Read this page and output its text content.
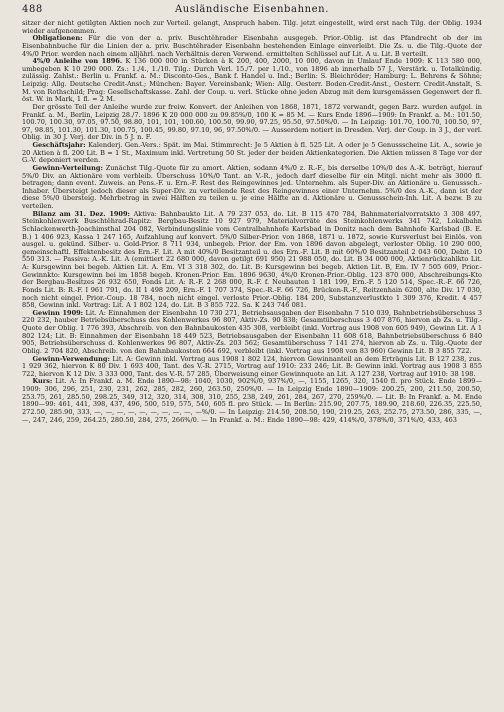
488	Ausländische Eisenbahnen.

sitzer der nicht getilgten Aktien noch zur Verteil. gelangt, Anspruch haben. Tilg. jetzt eingestellt, wird erst nach Tilg. der Oblig. 1934 wieder aufgenommen.

Obligationen: Für die von der a. priv. Buschtěhrader Eisenbahn ausgegeb. Prior.-Oblig. ist das Pfandrecht ob der im Eisenbahnbuche für die Linien der a. priv. Buschtěhrader Eisenbahn bestehenden Einlage einverleibt. Die Zs. u. die Tilg.-Quote der 4%/0 Prior. werden nach einem alljährl. nach Verhältnis deren Verwend. ermittelten Schlüssel auf Lit. A u. Lit. B verteilt.

4%/0 Anleihe von 1896. K 136 000 000 in Stücken à K 200, 400, 2000, 10 000, davon in Umlauf Ende 1909: K 113 580 000, umbegeben K 10 290 000. Zs.: 1./4., 1./10. Tilg.: Durch Verl. 15./7. per 1./10., von 1896 ab innerhalb 57 J., Verstärk. u. Totalkündig. zulässig. Zahlst.: Berlin u. Frankf. a. M.: Disconto-Ges., Bank f. Handel u. Ind.; Berlin: S. Bleichröder; Hamburg: L. Behrens & Söhne; Leipzig: Allg. Deutsche Credit-Anst.; München: Bayer. Vereinsbank; Wien: Allg. Oesterr. Boden-Credit-Anst., Oesterr. Credit-Anstalt, S. M. von Rothschild; Prag: Gesellschaftskasse. Zahl. der Coup. u. verl. Stücke ohne jeden Abzug mit dem kursgemässen Gegenwert der fl. öst. W. in Mark, 1 fl. = 2 M.

Der grösste Teil der Anleihe wurde zur freiw. Konvert. der Anleihen von 1868, 1871, 1872 verwandt, gegen Barz. wurden aufgel. in Frankf. a. M., Berlin, Leipzig 28./7. 1896 K 20 000 000 zu 99.85%/0, 100 K = 85 M. — Kurs Ende 1896—1909: In Frankf. a. M.: 101.50, 100.70, 100.30, 97.05, 97.50, 98.80, 101, 101, 100.60, 100.50, 99.90, 97.25, 95.50, 97.50%/0. — In Leipzig: 101.70, 100.70, 100.50, 97, 97, 98.85, 101.30, 101.30, 100.75, 100.45, 99.80, 97.10, 96, 97.50%/0. — Ausserdem notiert in Dresden. Verj. der Coup. in 3 J., der verl. Oblig. in 30 J. Verj. der Div. in 5 J. n. F.

Geschäftsjahr: Kalenderj. Gen.-Vers.: Spät. im Mai. Stimmrecht: Je 5 Aktien à fl. 525 Lit. A oder je 5 Genussscheine Lit. A., sowie je 20 Aktien à fl. 200 Lit. B = 1 St., Maximum inkl. Vertretung 50 St. jeder der beiden Aktienkategorien. Die Aktien müssen 8 Tage vor der G.-V. deponiert werden.

Gewinn-Verteilung: Zunächst Tilg.-Quote für zu amort. Aktien, sodann 4%/0 z. R.-F., bis derselbe 10%/0 des A.-K. beträgt, hierauf 5%/0 Div. an Aktionäre vom verbleib. Überschuss 10%/0 Tant. an V.-R., jedoch darf dieselbe für ein Mitgl. nicht mehr als 3000 fl. betragen; dann event. Zuweis. an Pens.-F. u. Ern.-F. Rest des Reingewinnes jed. Unternehm. als Super-Div. an Aktionäre u. Genusssch.-Inhaber. Übersteigt jedoch dieser als Super-Div. zu verteilende Rest des Reingewinnes einer Unternehm. 5%/0 des A.-K., dann ist der diese 5%/0 übersteig. Mehrbetrag in zwei Hälften zu teilen u. je eine Hälfte an d. Aktionäre u. Genussschein-Inh. Lit. A bezw. B zu verteilen.

Bilanz am 31. Dez. 1909: Aktiva: Bahnbaukto Lit. A 79 237 053, do. Lit. B 115 470 784, Bahnmaterialvorratskto 3 308 497, Steinkohlenwerk Buschtěhrad-Rapitz: Bergbau-Besitz 10 927 979, Materialvorräte des Steinkohlenwerks 341 742, Lokalbahn Schlackenwerth-Joachimsthal 204 082, Verbindungslinie vom Centralbahnhofe Karlsbad in Donitz nach dem Bahnhofe Karlsbad (B. E. B.) 1 406 923, Kassa 1 247 165, Aufzahlung auf konvert. 5%/0 Silber-Prior. von 1868, 1871 u. 1872, sowie Kursverlust bei Einlös. von ausgel. u. gekünd. Silber- u. Gold-Prior. 8 711 934, unbegeb. Prior. der Em. von 1896 davon abgelegt, verloster Oblig. 10 290 000, gemeinschaftl. Effektenbesitz des Ern.-F. Lit. A mit 40%/0 Besitzanteil u. des Ern.-F. Lit. B mit 60%/0 Besitzanteil 2 043 600, Debit. 10 550 313. — Passiva: A.-K. Lit. A (emittiert 22 680 000, davon getilgt 691 950) 21 988 050, do. Lit. B 34 000 000, Aktienrückzahlkto Lit. A: Kursgewinn bei begeb. Aktien Lit. A. Em. VI 3 318 302, do. Lit. B: Kursgewinn bei begeb. Aktien Lit. B, Em. IV 7 505 609, Prior.-Gewinnkto: Kursgewinn bei im 1858 begeb. Kronen-Prior. Em. 1896 9630, 4%/0 Kronen-Prior.-Oblig. 123 870 000, Abschreibungs-Kto der Bergbau-Besitzes 26 932 650, Fonds Lit. A: R.-F. 2 268 000, R.-F. f. Neubauten 1 181 199, Ern.-F. 5 120 514, Spec.-R.-F. 66 726, Fonds Lit. B: R.-F. I 961 791, do. II 1 498 209, Ern.-F. 1 707 374, Spec.-R.-F. 66 726, Brücken-R.-F., Reitzenhain 6200, alte Div. 17 030, noch nicht eingel. Prior.-Coup. 18 784, noch nicht eingel. verloste Prior.-Oblig. 184 200, Substanzverlustkto 1 309 376, Kredit. 4 457 858, Gewinn inkl. Vortrag: Lit. A 1 802 124, do. Lit. B 3 855 722. Sa. K 243 746 081.

Gewinn 1909: Lit. A: Einnahmen der Eisenbahn 10 730 271, Betriebsausgaben der Eisenbahn 7 510 039, Bahnbetriebsüberschuss 3 220 232, hauber Betriebsüberschuss des Kohlenwerkes 96 807, Aktiv-Zs. 90 838; Gesamtüberschuss 3 407 876, hiervon ab Zs. u. Tilg.-Quote der Oblig. 1 776 393, Abschreib. von den Bahnbaukosten 435 308, verbleibt (inkl. Vortrag aus 1908 von 605 949), Gewinn Lit. A 1 802 124; Lit. B: Einnahmen der Eisenbahn 18 449 523, Betriebsausgaben der Eisenbahn 11 608 618, Bahnbetriebsüberschuss 6 840 905, Betriebsüberschuss d. Kohlenwerkes 96 807, Aktiv-Zs. 203 562; Gesamtüberschuss 7 141 274, hiervon ab Zs. u. Tilg.-Quote der Oblig. 2 704 820, Abschreib. von den Bahnbaukosten 664 692, verbleibt (inkl. Vortrag aus 1908 von 83 960) Gewinn Lit. B 3 855 722.

Gewinn-Verwendung: Lit. A: Gewinn inkl. Vortrag aus 1908 1 802 124, hiervon Gewinnanteil an dem Erträgnis Lit. B 127 238, zus. 1 929 362, hiervon K 80 Div. 1 693 400, Tant. des V.-R. 2715, Vortrag auf 1910: 233 246; Lit. B: Gewinn inkl. Vortrag aus 1908 3 855 722, hiervon K 12 Div. 3 333 000, Tant. des V.-R. 57 285, Überweisung einer Gewinnquote an Lit. A 127 238, Vortrag auf 1910: 38 198.

Kurs: Lit. A: In Frankf. a. M. Ende 1890—98: 1040, 1030, 902%/0, 937%/0, —, 1155, 1265, 320, 1540 fl. pro Stück. Ende 1899—1909: 306, 296, 251, 230, 231, 262, 285, 282, 260, 263.50, 250%/0. — In Leipzig Ende 1890—1909: 200.25, 200, 211.50, 200.50, 253.75, 261, 285.50, 298.25, 349, 312, 320, 314, 308, 310, 255, 238, 249, 261, 284, 267, 270, 259%/0. — Lit. B: In Frankf. a. M. Ende 1890—99: 461, 441, 398, 437, 496, 500, 519, 575, 540, 605 fl. pro Stück. — In Berlin: 215.90, 207.75, 189.90, 218.60, 226.35, 225.50, 272.50, 285.90, 333, —, —, —, —, —, —, —, —, —, —%/0. — In Leipzig: 214.50, 208.50, 190, 219.25, 263, 252.75, 273.50, 286, 335, —, —, 247, 246, 259, 264.25, 280.50, 284, 275, 266%/0. — In Frankf. a. M.: Ende 1890—98: 429, 414%/0, 378%/0, 371%/0, 433, 463
